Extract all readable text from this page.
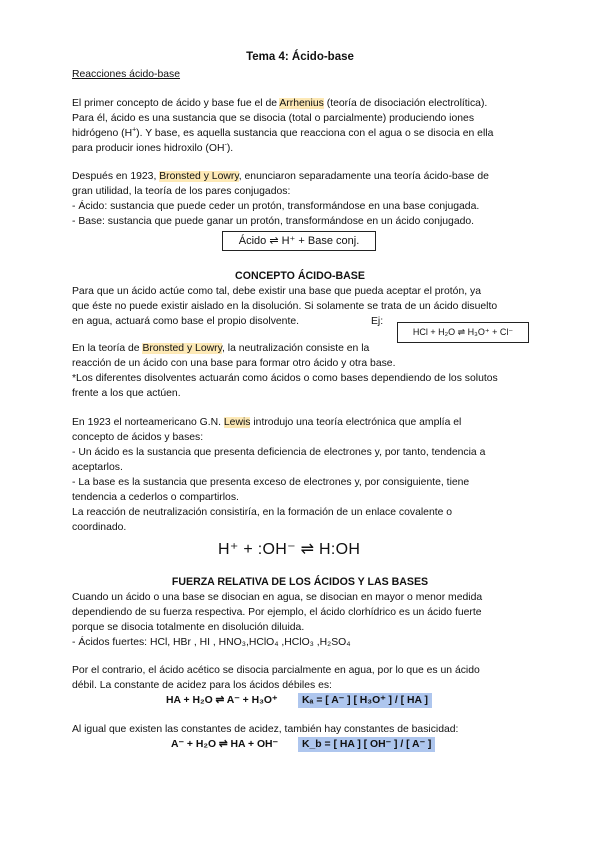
Tema 4: Ácido-base
Reacciones ácido-base
El primer concepto de ácido y base fue el de Arrhenius (teoría de disociación electrolítica).
Para él, ácido es una sustancia que se disocia (total o parcialmente) produciendo iones
hidrógeno (H+). Y base, es aquella sustancia que reacciona con el agua o se disocia en ella
para producir iones hidroxilo (OH-).
Después en 1923, Bronsted y Lowry, enunciaron separadamente una teoría ácido-base de
gran utilidad, la teoría de los pares conjugados:
- Ácido: sustancia que puede ceder un protón, transformándose en una base conjugada.
- Base: sustancia que puede ganar un protón, transformándose en un ácido conjugado.
Ácido ⇌ H⁺ + Base conj.
CONCEPTO ÁCIDO-BASE
Para que un ácido actúe como tal, debe existir una base que pueda aceptar el protón, ya
que éste no puede existir aislado en la disolución. Si solamente se trata de un ácido disuelto
en agua, actuará como base el propio disolvente.	Ej:
HCl + H₂O ⇌ H₃O⁺ + Cl⁻
En la teoría de Bronsted y Lowry, la neutralización consiste en la
reacción de un ácido con una base para formar otro ácido y otra base.
*Los diferentes disolventes actuarán como ácidos o como bases dependiendo de los solutos
frente a los que actúen.
En 1923 el norteamericano G.N. Lewis introdujo una teoría electrónica que amplía el
concepto de ácidos y bases:
- Un ácido es la sustancia que presenta deficiencia de electrones y, por tanto, tendencia a
aceptarlos.
- La base es la sustancia que presenta exceso de electrones y, por consiguiente, tiene
tendencia a cederlos o compartirlos.
La reacción de neutralización consistiría, en la formación de un enlace covalente o
coordinado.
H⁺ + :OH⁻ ⇌ H:OH
FUERZA RELATIVA DE LOS ÁCIDOS Y LAS BASES
Cuando un ácido o una base se disocian en agua, se disocian en mayor o menor medida
dependiendo de su fuerza respectiva. Por ejemplo, el ácido clorhídrico es un ácido fuerte
porque se disocia totalmente en disolución diluida.
- Ácidos fuertes: HCl, HBr , HI , HNO₃,HClO₄ ,HClO₃ ,H₂SO₄
Por el contrario, el ácido acético se disocia parcialmente en agua, por lo que es un ácido
débil. La constante de acidez para los ácidos débiles es:
HA + H₂O ⇌ A⁻ + H₃O⁺	Kₐ = [ A⁻ ] [ H₃O⁺ ] / [ HA ]
Al igual que existen las constantes de acidez, también hay constantes de basicidad:
A⁻ + H₂O ⇌ HA + OH⁻	K_b = [ HA ] [ OH⁻ ] / [ A⁻ ]
